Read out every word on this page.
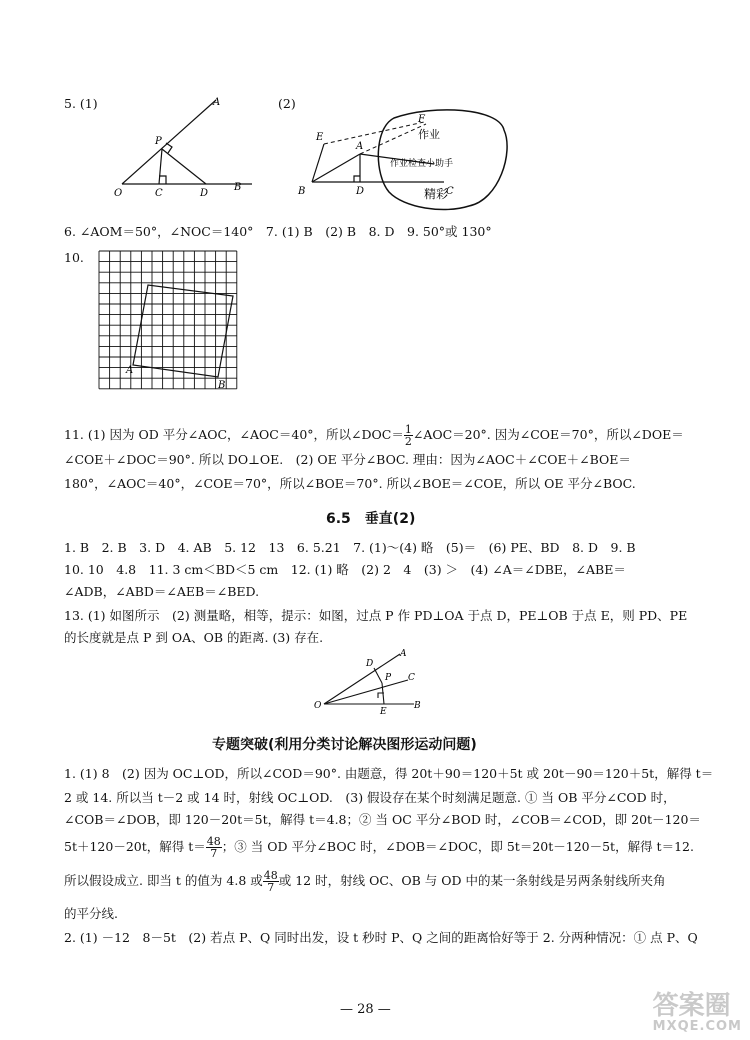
5. (1)	(2)
A
P
O	C	D
B
作业
作业检查小助手
精彩
E
A
B	D	C
F
6. ∠AOM＝50°，∠NOC＝140°　7. (1) B　(2) B　8. D　9. 50°或 130°
10.
A
B
11. (1) 因为 OD 平分∠AOC，∠AOC＝40°，所以∠DOC＝ $\frac{1}{2}$ ∠AOC＝20°. 因为∠COE＝70°，所以∠DOE＝
∠COE＋∠DOC＝90°. 所以 DO⊥OE.　(2) OE 平分∠BOC. 理由：因为∠AOC＋∠COE＋∠BOE＝
180°，∠AOC＝40°，∠COE＝70°，所以∠BOE＝70°. 所以∠BOE＝∠COE，所以 OE 平分∠BOC.
6.5　垂直(2)
1. B　2. B　3. D　4. AB　5. 12　13　6. 5.21　7. (1)～(4) 略　(5)＝　(6) PE、BD　8. D　9. B
10. 10　4.8　11. 3 cm＜BD＜5 cm　12. (1) 略　(2) 2　4　(3) ＞　(4) ∠A＝∠DBE，∠ABE＝
∠ADB，∠ABD＝∠AEB＝∠BED.
13. (1) 如图所示　(2) 测量略，相等，提示：如图，过点 P 作 PD⊥OA 于点 D，PE⊥OB 于点 E，则 PD、PE
的长度就是点 P 到 OA、OB 的距离. (3) 存在.
O
D
A
P C
E
B
专题突破(利用分类讨论解决图形运动问题)
1. (1) 8　(2) 因为 OC⊥OD，所以∠COD＝90°. 由题意，得 20t＋90＝120＋5t 或 20t－90＝120＋5t，解得 t＝
2 或 14. 所以当 t－2 或 14 时，射线 OC⊥OD.　(3) 假设存在某个时刻满足题意. ① 当 OB 平分∠COD 时，
∠COB＝∠DOB，即 120－20t＝5t，解得 t＝4.8；② 当 OC 平分∠BOD 时，∠COB＝∠COD，即 20t－120＝
5t＋120－20t，解得 $t= \frac{48}{7}$ ；③ 当 OD 平分∠BOC 时，∠DOB＝∠DOC，即 5t＝20t－120－5t，解得 t＝12.
所以假设成立. 即当 t 的值为 4.8 或 $\frac{48}{7}$ 或 12 时，射线 OC、OB 与 OD 中的某一条射线是另两条射线所夹角
的平分线.
2. (1) －12　8－5t　(2) 若点 P、Q 同时出发，设 t 秒时 P、Q 之间的距离恰好等于 2. 分两种情况：① 点 P、Q
— 28 —	答案圈
MXQE.COM
